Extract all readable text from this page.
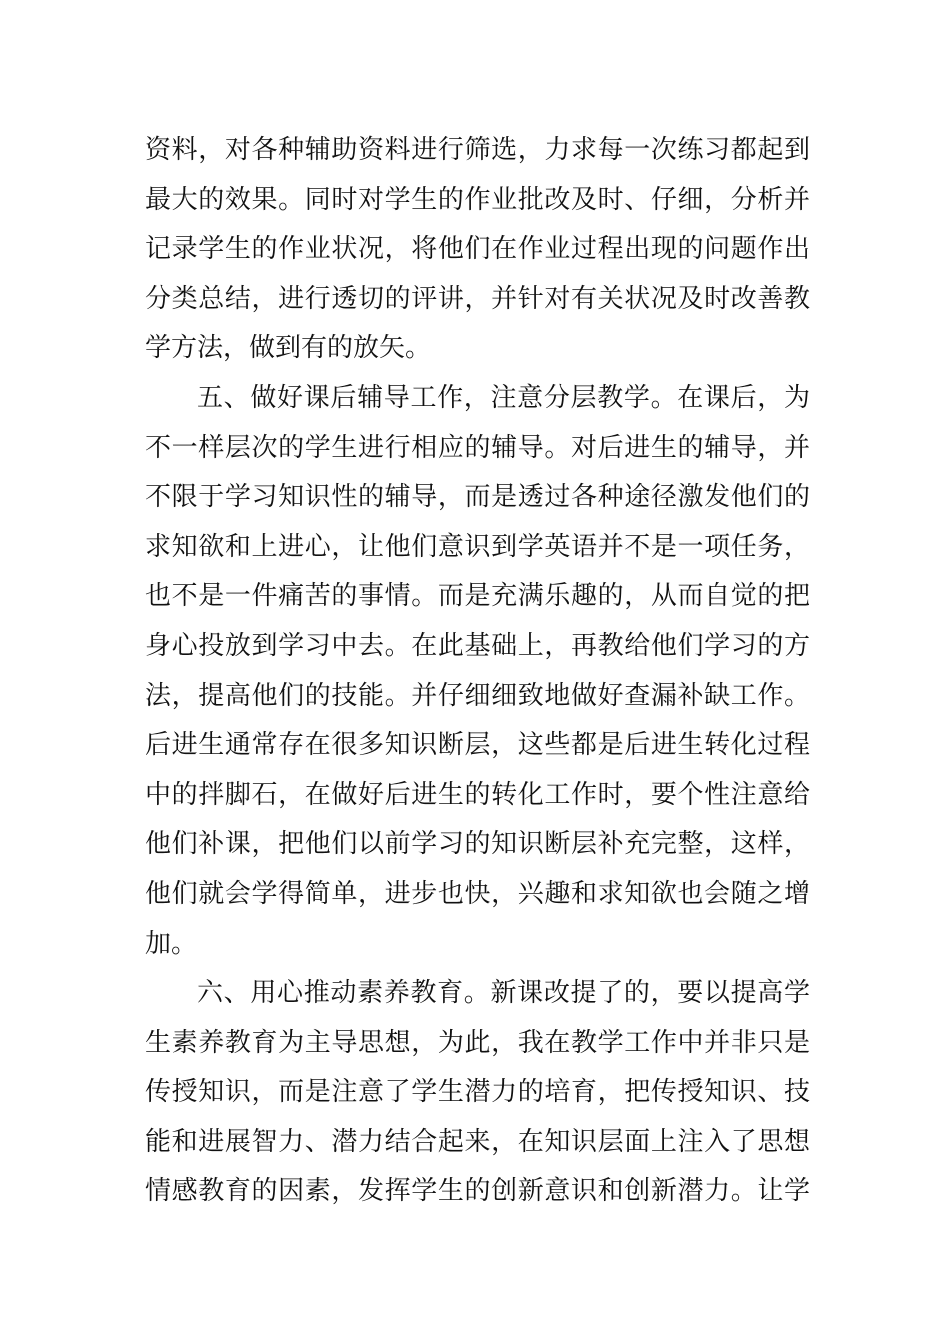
资料，对各种辅助资料进行筛选，力求每一次练习都起到
最大的效果。同时对学生的作业批改及时、仔细，分析并
记录学生的作业状况，将他们在作业过程出现的问题作出
分类总结，进行透切的评讲，并针对有关状况及时改善教
学方法，做到有的放矢。
五、做好课后辅导工作，注意分层教学。在课后，为
不一样层次的学生进行相应的辅导。对后进生的辅导，并
不限于学习知识性的辅导，而是透过各种途径激发他们的
求知欲和上进心，让他们意识到学英语并不是一项任务，
也不是一件痛苦的事情。而是充满乐趣的，从而自觉的把
身心投放到学习中去。在此基础上，再教给他们学习的方
法，提高他们的技能。并仔细细致地做好查漏补缺工作。
后进生通常存在很多知识断层，这些都是后进生转化过程
中的拌脚石，在做好后进生的转化工作时，要个性注意给
他们补课，把他们以前学习的知识断层补充完整，这样，
他们就会学得简单，进步也快，兴趣和求知欲也会随之增
加。
六、用心推动素养教育。新课改提了的，要以提高学
生素养教育为主导思想，为此，我在教学工作中并非只是
传授知识，而是注意了学生潜力的培育，把传授知识、技
能和进展智力、潜力结合起来，在知识层面上注入了思想
情感教育的因素，发挥学生的创新意识和创新潜力。让学
